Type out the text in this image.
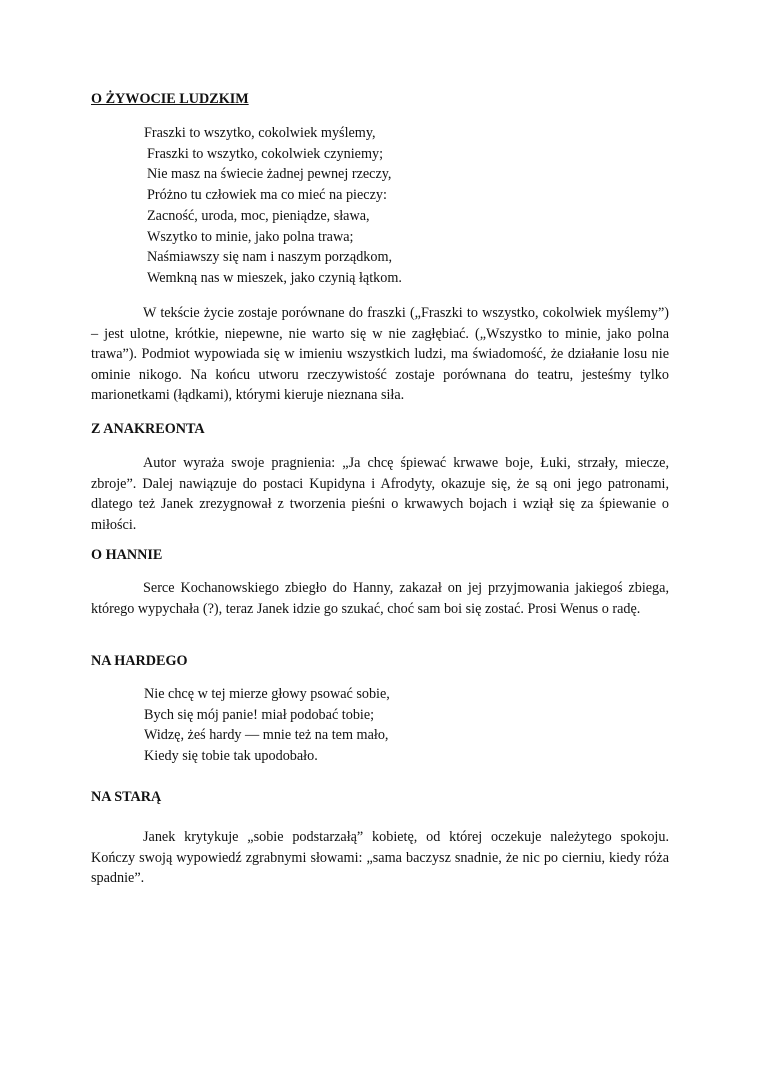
O ŻYWOCIE LUDZKIM
Fraszki to wszytko, cokolwiek myślemy,
Fraszki to wszytko, cokolwiek czyniemy;
Nie masz na świecie żadnej pewnej rzeczy,
Próżno tu człowiek ma co mieć na pieczy:
Zacność, uroda, moc, pieniądze, sława,
Wszytko to minie, jako polna trawa;
Naśmiawszy się nam i naszym porządkom,
Wemkną nas w mieszek, jako czynią łątkom.

W tekście życie zostaje porównane do fraszki („Fraszki to wszystko, cokolwiek myślemy”) – jest ulotne, krótkie, niepewne, nie warto się w nie zagłębiać. („Wszystko to minie, jako polna trawa”). Podmiot wypowiada się w imieniu wszystkich ludzi, ma świadomość, że działanie losu nie ominie nikogo. Na końcu utworu rzeczywistość zostaje porównana do teatru, jesteśmy tylko marionetkami (łądkami), którymi kieruje nieznana siła.

Z ANAKREONTA

Autor wyraża swoje pragnienia: „Ja chcę śpiewać krwawe boje, Łuki, strzały, miecze, zbroje”. Dalej nawiązuje do postaci Kupidyna i Afrodyty, okazuje się, że są oni jego patronami, dlatego też Janek zrezygnował z tworzenia pieśni o krwawych bojach i wziął się za śpiewanie o miłości.

O HANNIE

Serce Kochanowskiego zbiegło do Hanny, zakazał on jej przyjmowania jakiegoś zbiega, którego wypychała (?), teraz Janek idzie go szukać, choć sam boi się zostać. Prosi Wenus o radę.

NA HARDEGO
Nie chcę w tej mierze głowy psować sobie,
Bych się mój panie! miał podobać tobie;
Widzę, żeś hardy — mnie też na tem mało,
Kiedy się tobie tak upodobało.
NA STARĄ

Janek krytykuje „sobie podstarzałą” kobietę, od której oczekuje należytego spokoju. Kończy swoją wypowiedź zgrabnymi słowami: „sama baczysz snadnie, że nic po cierniu, kiedy róża spadnie”.
